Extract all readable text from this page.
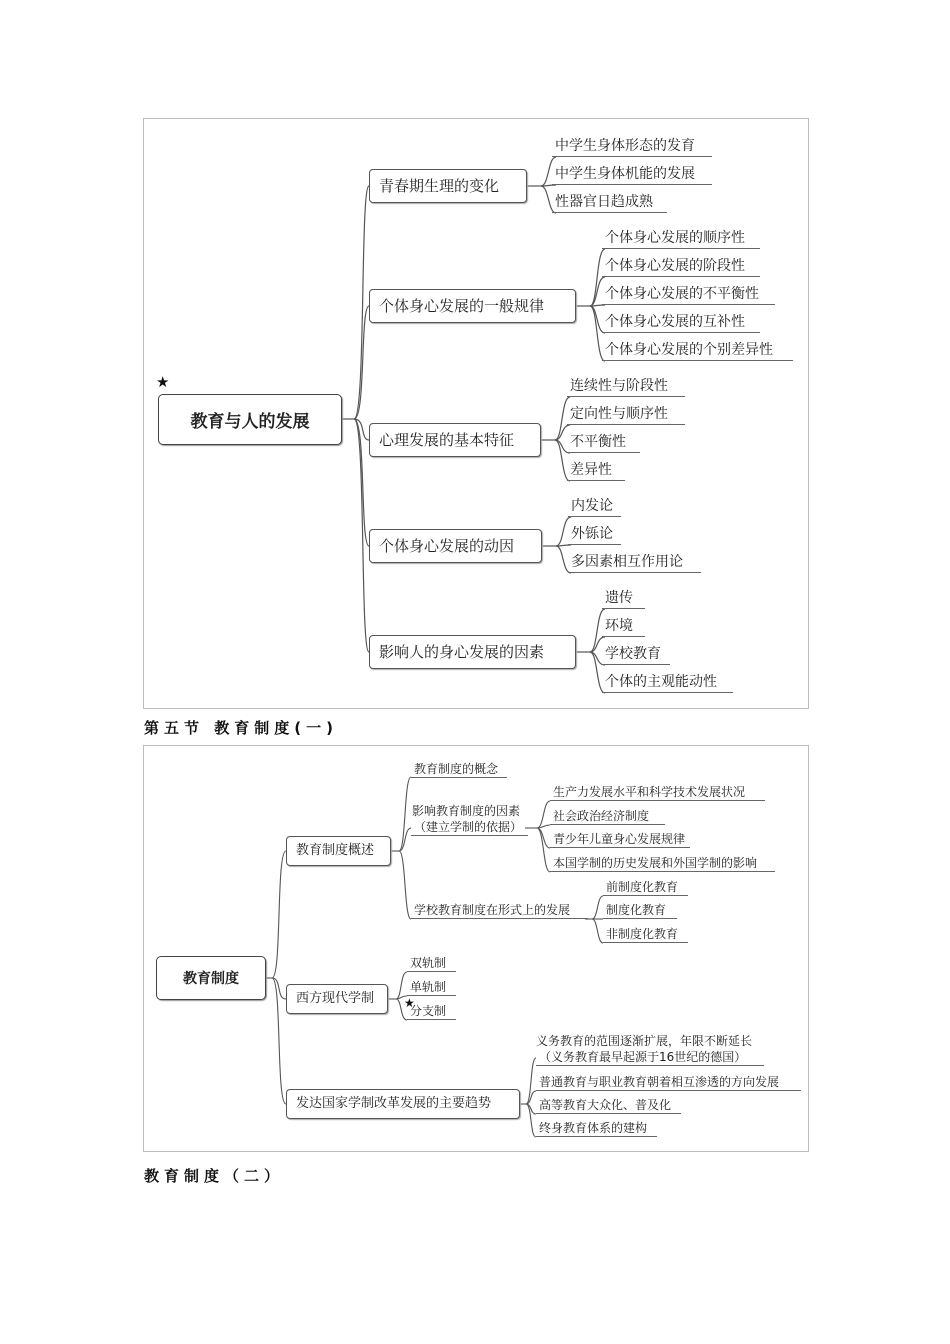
★
教育与人的发展
青春期生理的变化
个体身心发展的一般规律
心理发展的基本特征
个体身心发展的动因
影响人的身心发展的因素
中学生身体形态的发育
中学生身体机能的发展
性器官日趋成熟
个体身心发展的顺序性
个体身心发展的阶段性
个体身心发展的不平衡性
个体身心发展的互补性
个体身心发展的个别差异性
连续性与阶段性
定向性与顺序性
不平衡性
差异性
内发论
外铄论
多因素相互作用论
遗传
环境
学校教育
个体的主观能动性
第五节 教育制度(一)
教育制度
教育制度概述
西方现代学制
发达国家学制改革发展的主要趋势
教育制度的概念
影响教育制度的因素
（建立学制的依据）
生产力发展水平和科学技术发展状况
社会政治经济制度
青少年儿童身心发展规律
本国学制的历史发展和外国学制的影响
学校教育制度在形式上的发展
前制度化教育
制度化教育
非制度化教育
双轨制
单轨制
分支制
★
义务教育的范围逐渐扩展，年限不断延长
（义务教育最早起源于16世纪的德国）
普通教育与职业教育朝着相互渗透的方向发展
高等教育大众化、普及化
终身教育体系的建构
教育制度（二）
